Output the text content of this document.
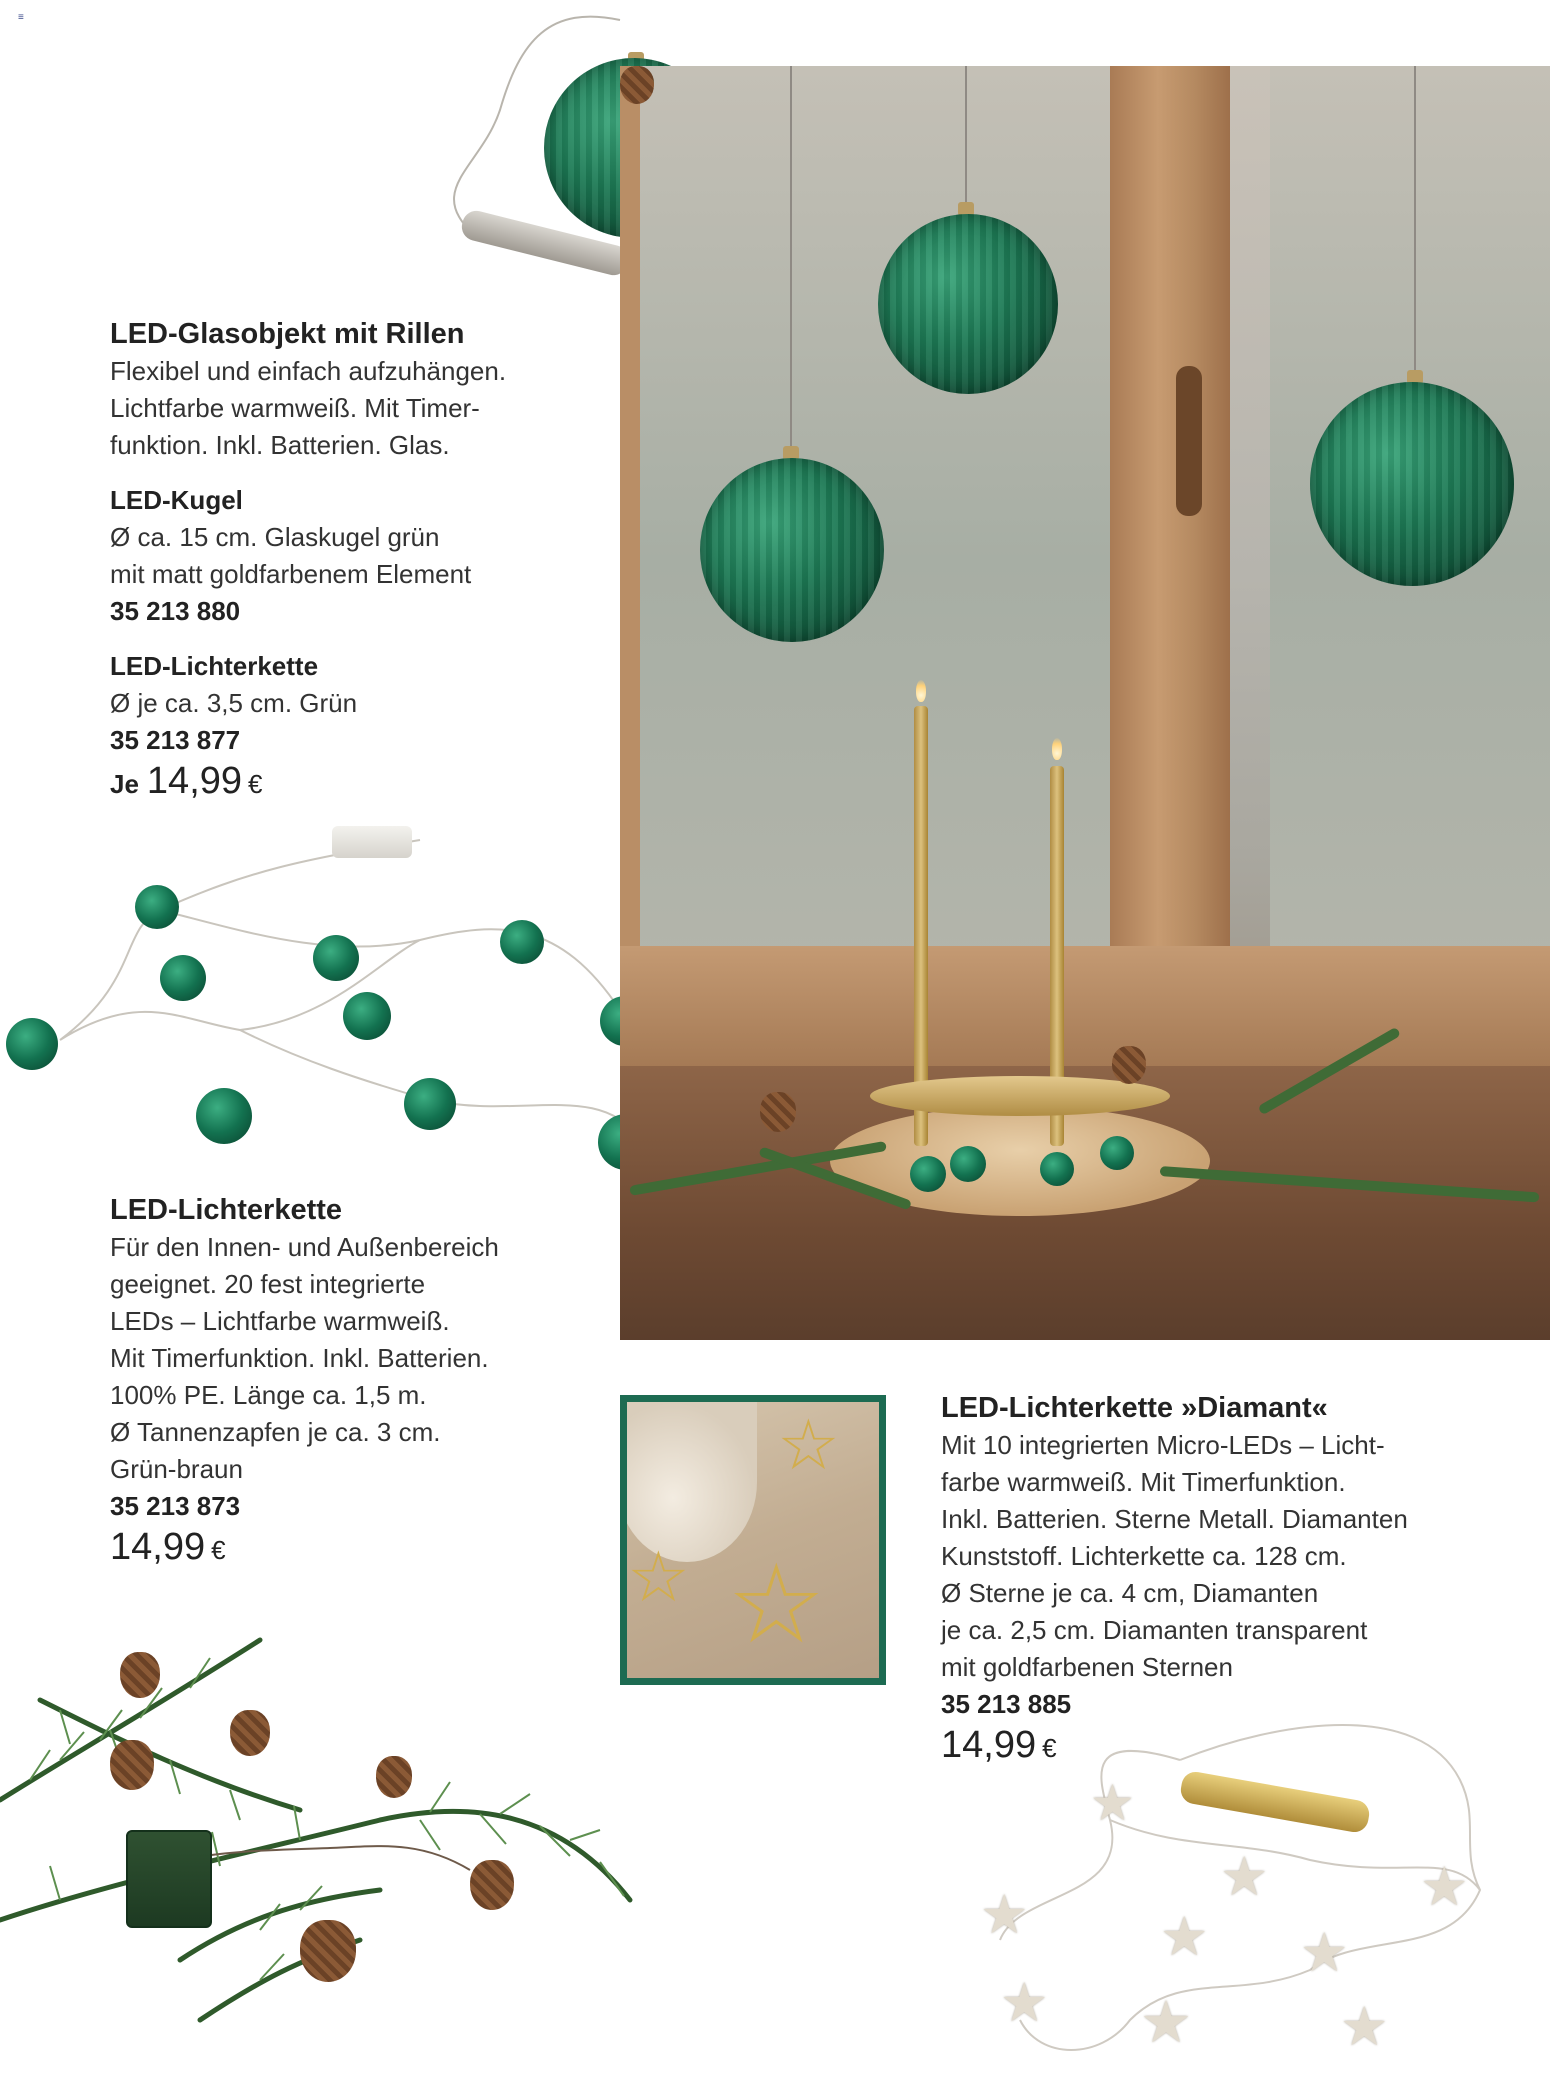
≡

LED-Glasobjekt mit Rillen

Flexibel und einfach aufzuhängen.

Lichtfarbe warmweiß. Mit Timer-

funktion. Inkl. Batterien. Glas.

LED-Kugel

Ø ca. 15 cm. Glaskugel grün

mit matt goldfarbenem Element

35 213 880

LED-Lichterkette

Ø je ca. 3,5 cm. Grün

35 213 877

Je 14,99 €

LED-Lichterkette

Für den Innen- und Außenbereich

geeignet. 20 fest integrierte

LEDs – Lichtfarbe warmweiß.

Mit Timerfunktion. Inkl. Batterien.

100% PE. Länge ca. 1,5 m.

Ø Tannenzapfen je ca. 3 cm.

Grün-braun

35 213 873

14,99 €

☆
☆ ☆

LED-Lichterkette »Diamant«

Mit 10 integrierten Micro-LEDs – Licht-

farbe warmweiß. Mit Timerfunktion.

Inkl. Batterien. Sterne Metall. Diamanten

Kunststoff. Lichterkette ca. 128 cm.

Ø Sterne je ca. 4 cm, Diamanten

je ca. 2,5 cm. Diamanten transparent

mit goldfarbenen Sternen

35 213 885

14,99 €

★
★
★	★
★ ★
★ ★	★
